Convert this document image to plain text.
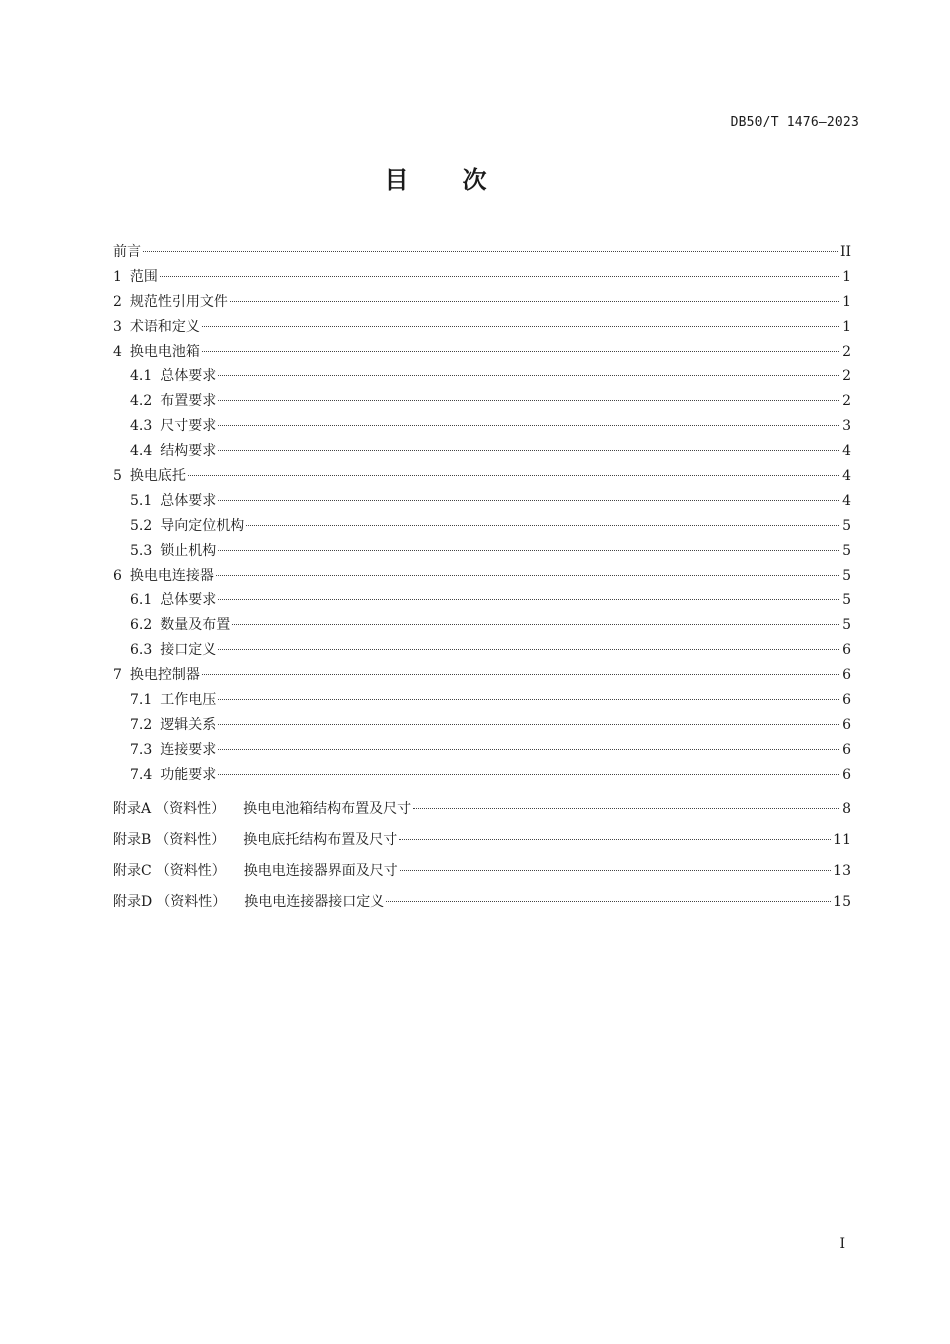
DB50/T 1476—2023
目次
前言	II
1 范围	1
2 规范性引用文件	1
3 术语和定义	1
4 换电电池箱	2
4.1 总体要求	2
4.2 布置要求	2
4.3 尺寸要求	3
4.4 结构要求	4
5 换电底托	4
5.1 总体要求	4
5.2 导向定位机构	5
5.3 锁止机构	5
6 换电电连接器	5
6.1 总体要求	5
6.2 数量及布置	5
6.3 接口定义	6
7 换电控制器	6
7.1 工作电压	6
7.2 逻辑关系	6
7.3 连接要求	6
7.4 功能要求	6
附录A （资料性） 换电电池箱结构布置及尺寸	8
附录B （资料性） 换电底托结构布置及尺寸	11
附录C （资料性） 换电电连接器界面及尺寸	13
附录D （资料性） 换电电连接器接口定义	15
I
